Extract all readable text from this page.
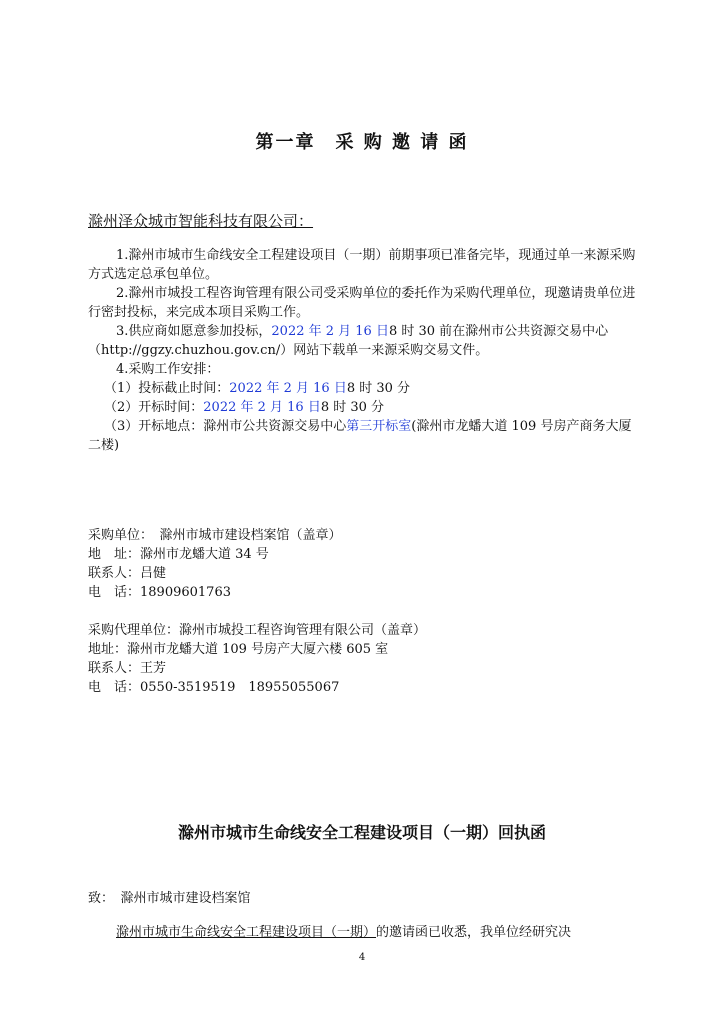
第一章　采 购 邀 请 函
滁州泽众城市智能科技有限公司：
1.滁州市城市生命线安全工程建设项目（一期）前期事项已准备完毕，现通过单一来源采购方式选定总承包单位。
2.滁州市城投工程咨询管理有限公司受采购单位的委托作为采购代理单位，现邀请贵单位进行密封投标，来完成本项目采购工作。
3.供应商如愿意参加投标，2022 年 2 月 16 日8 时 30 前在滁州市公共资源交易中心（http://ggzy.chuzhou.gov.cn/）网站下载单一来源采购交易文件。
4.采购工作安排：
（1）投标截止时间：2022 年 2 月 16 日8 时 30 分
（2）开标时间：2022 年 2 月 16 日8 时 30 分
（3）开标地点：滁州市公共资源交易中心第三开标室(滁州市龙蟠大道 109 号房产商务大厦二楼)
采购单位：　滁州市城市建设档案馆（盖章）
地　址：滁州市龙蟠大道 34 号
联系人：吕健
电　话：18909601763
采购代理单位：滁州市城投工程咨询管理有限公司（盖章）
地址：滁州市龙蟠大道 109 号房产大厦六楼 605 室
联系人：王芳
电　话：0550-3519519　18955055067
滁州市城市生命线安全工程建设项目（一期）回执函
致：　滁州市城市建设档案馆
滁州市城市生命线安全工程建设项目（一期）的邀请函已收悉，我单位经研究决
4
